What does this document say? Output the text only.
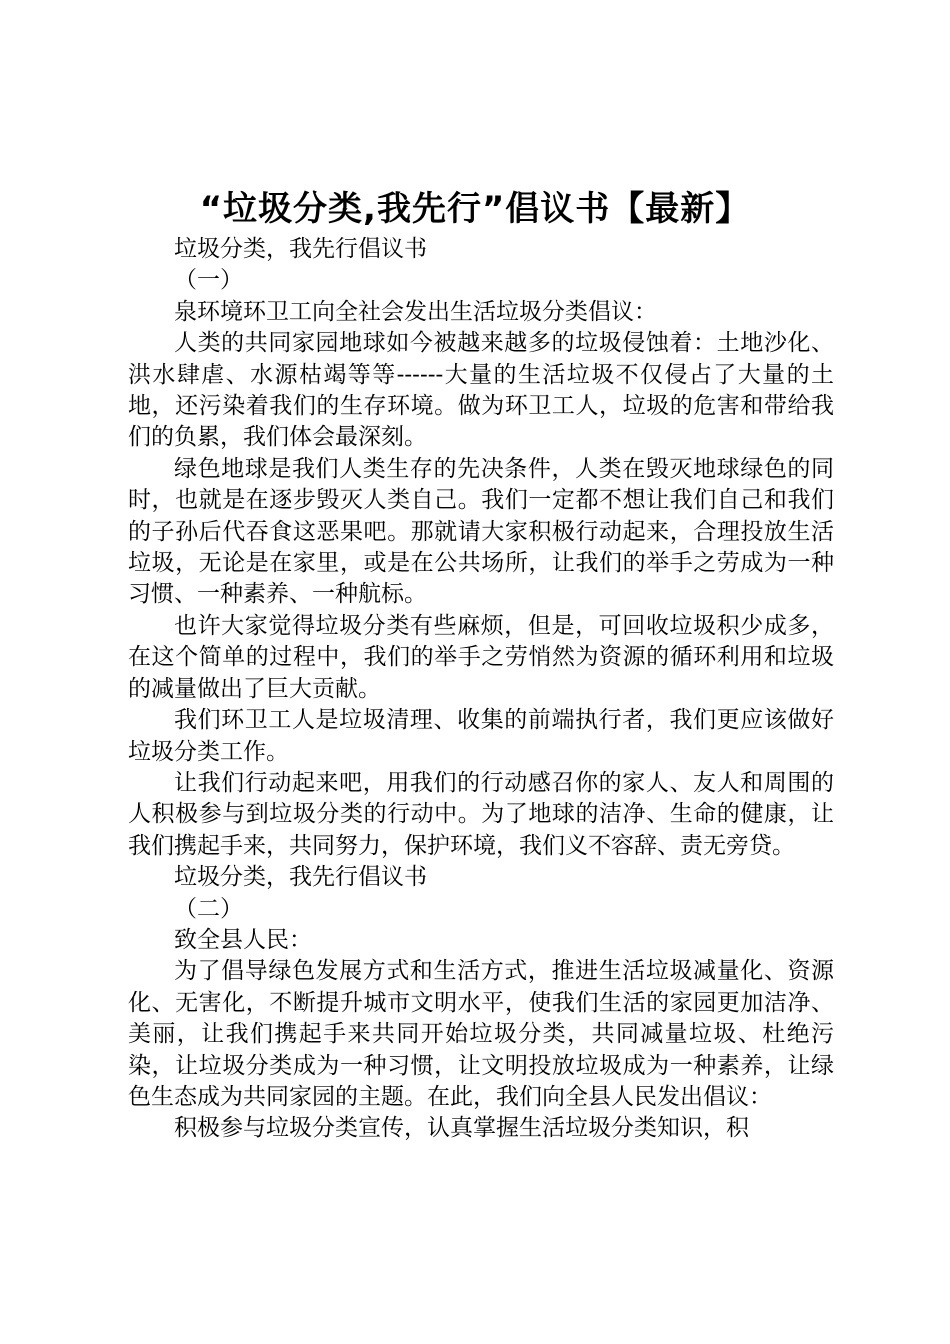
“垃圾分类,我先行”倡议书【最新】

垃圾分类，我先行倡议书

（一）

泉环境环卫工向全社会发出生活垃圾分类倡议：

人类的共同家园地球如今被越来越多的垃圾侵蚀着：土地沙化、洪水肆虐、水源枯竭等等------大量的生活垃圾不仅侵占了大量的土地，还污染着我们的生存环境。做为环卫工人，垃圾的危害和带给我们的负累，我们体会最深刻。

绿色地球是我们人类生存的先决条件，人类在毁灭地球绿色的同时，也就是在逐步毁灭人类自己。我们一定都不想让我们自己和我们的子孙后代吞食这恶果吧。那就请大家积极行动起来，合理投放生活垃圾，无论是在家里，或是在公共场所，让我们的举手之劳成为一种习惯、一种素养、一种航标。

也许大家觉得垃圾分类有些麻烦，但是，可回收垃圾积少成多，在这个简单的过程中，我们的举手之劳悄然为资源的循环利用和垃圾的减量做出了巨大贡献。

我们环卫工人是垃圾清理、收集的前端执行者，我们更应该做好垃圾分类工作。

让我们行动起来吧，用我们的行动感召你的家人、友人和周围的人积极参与到垃圾分类的行动中。为了地球的洁净、生命的健康，让我们携起手来，共同努力，保护环境，我们义不容辞、责无旁贷。

垃圾分类，我先行倡议书

（二）

致全县人民：

为了倡导绿色发展方式和生活方式，推进生活垃圾减量化、资源化、无害化，不断提升城市文明水平，使我们生活的家园更加洁净、美丽，让我们携起手来共同开始垃圾分类，共同减量垃圾、杜绝污染，让垃圾分类成为一种习惯，让文明投放垃圾成为一种素养，让绿色生态成为共同家园的主题。在此，我们向全县人民发出倡议：

积极参与垃圾分类宣传，认真掌握生活垃圾分类知识，积
